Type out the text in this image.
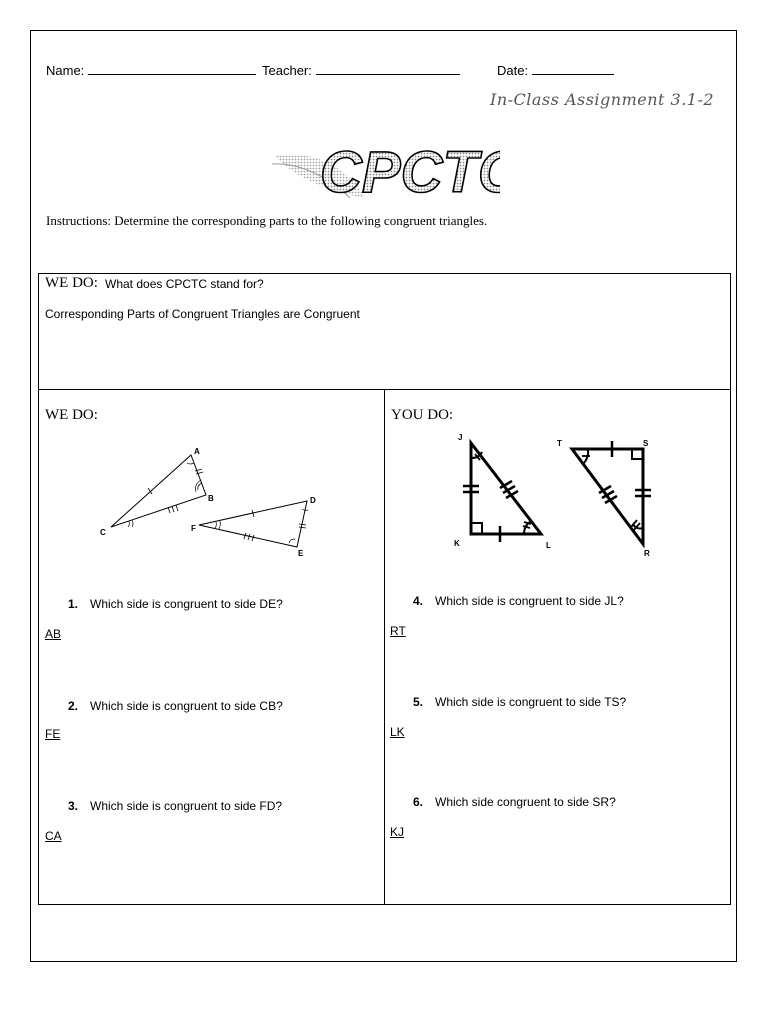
Name:	Teacher:	Date:
In-Class Assignment 3.1-2
CPCTC
Instructions: Determine the corresponding parts to the following congruent triangles.
WE DO: What does CPCTC stand for?
Corresponding Parts of Congruent Triangles are Congruent
WE DO:
A
B
C
D
E
F
1. Which side is congruent to side DE?
AB
2. Which side is congruent to side CB?
FE
3. Which side is congruent to side FD?
CA
YOU DO:
J
K	L
T	S
R
4. Which side is congruent to side JL?
RT
5. Which side is congruent to side TS?
LK
6. Which side congruent to side SR?
KJ
